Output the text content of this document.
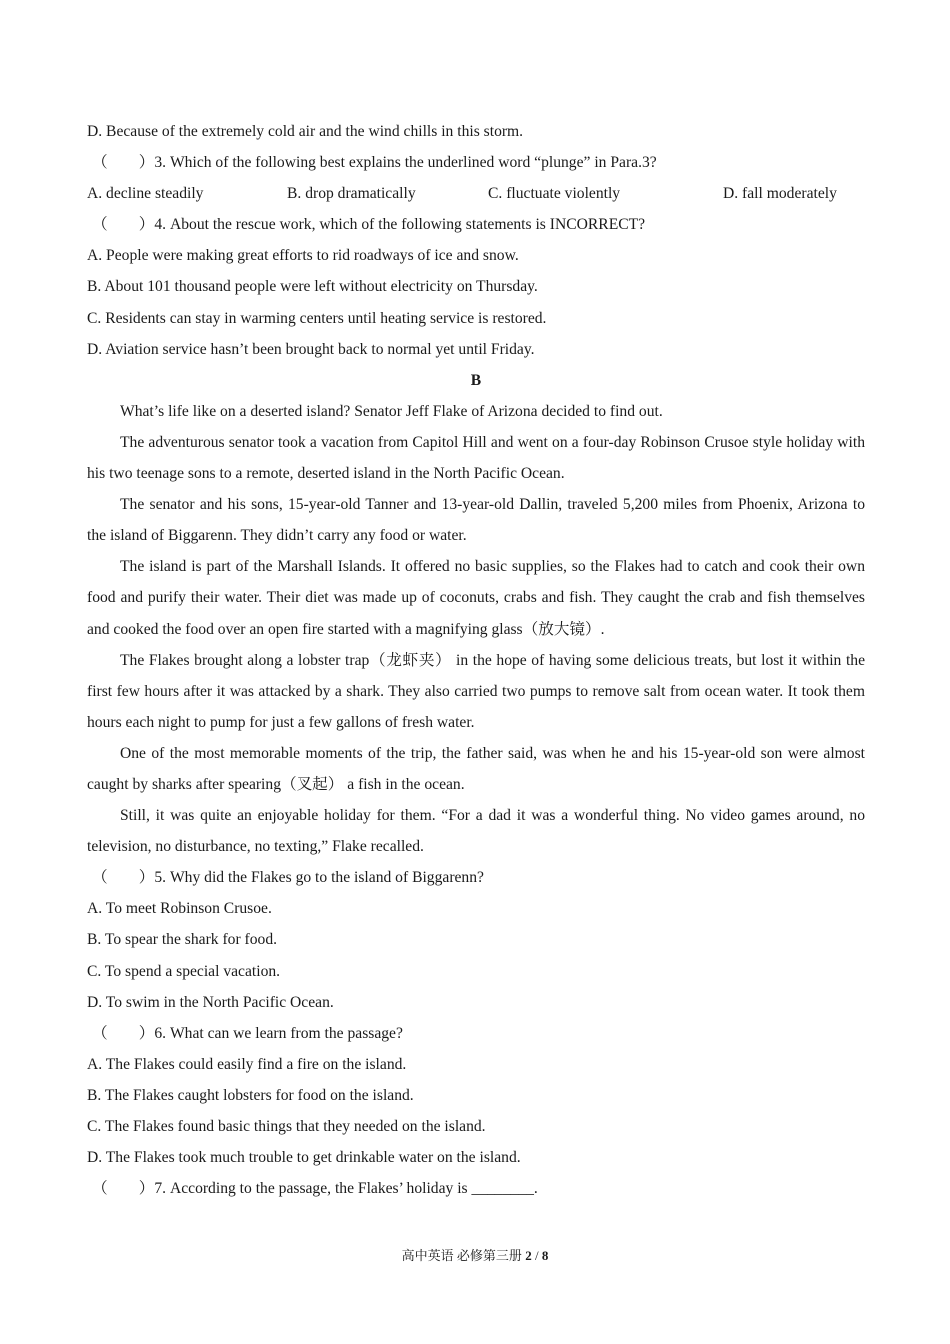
D. Because of the extremely cold air and the wind chills in this storm.
（　　）3. Which of the following best explains the underlined word “plunge” in Para.3?
A. decline steadily	B. drop dramatically	C. fluctuate violently	D. fall moderately
（　　）4. About the rescue work, which of the following statements is INCORRECT?
A. People were making great efforts to rid roadways of ice and snow.
B. About 101 thousand people were left without electricity on Thursday.
C. Residents can stay in warming centers until heating service is restored.
D. Aviation service hasn’t been brought back to normal yet until Friday.
B
What’s life like on a deserted island? Senator Jeff Flake of Arizona decided to find out.
The adventurous senator took a vacation from Capitol Hill and went on a four-day Robinson Crusoe style holiday with his two teenage sons to a remote, deserted island in the North Pacific Ocean.
The senator and his sons, 15-year-old Tanner and 13-year-old Dallin, traveled 5,200 miles from Phoenix, Arizona to the island of Biggarenn. They didn’t carry any food or water.
The island is part of the Marshall Islands. It offered no basic supplies, so the Flakes had to catch and cook their own food and purify their water. Their diet was made up of coconuts, crabs and fish. They caught the crab and fish themselves and cooked the food over an open fire started with a magnifying glass（放大镜）.
The Flakes brought along a lobster trap（龙虾夹） in the hope of having some delicious treats, but lost it within the first few hours after it was attacked by a shark. They also carried two pumps to remove salt from ocean water. It took them hours each night to pump for just a few gallons of fresh water.
One of the most memorable moments of the trip, the father said, was when he and his 15-year-old son were almost caught by sharks after spearing（叉起） a fish in the ocean.
Still, it was quite an enjoyable holiday for them. “For a dad it was a wonderful thing. No video games around, no television, no disturbance, no texting,” Flake recalled.
（　　）5. Why did the Flakes go to the island of Biggarenn?
A. To meet Robinson Crusoe.
B. To spear the shark for food.
C. To spend a special vacation.
D. To swim in the North Pacific Ocean.
（　　）6. What can we learn from the passage?
A. The Flakes could easily find a fire on the island.
B. The Flakes caught lobsters for food on the island.
C. The Flakes found basic things that they needed on the island.
D. The Flakes took much trouble to get drinkable water on the island.
（　　）7. According to the passage, the Flakes’ holiday is ________.
高中英语 必修第三册 2 / 8
